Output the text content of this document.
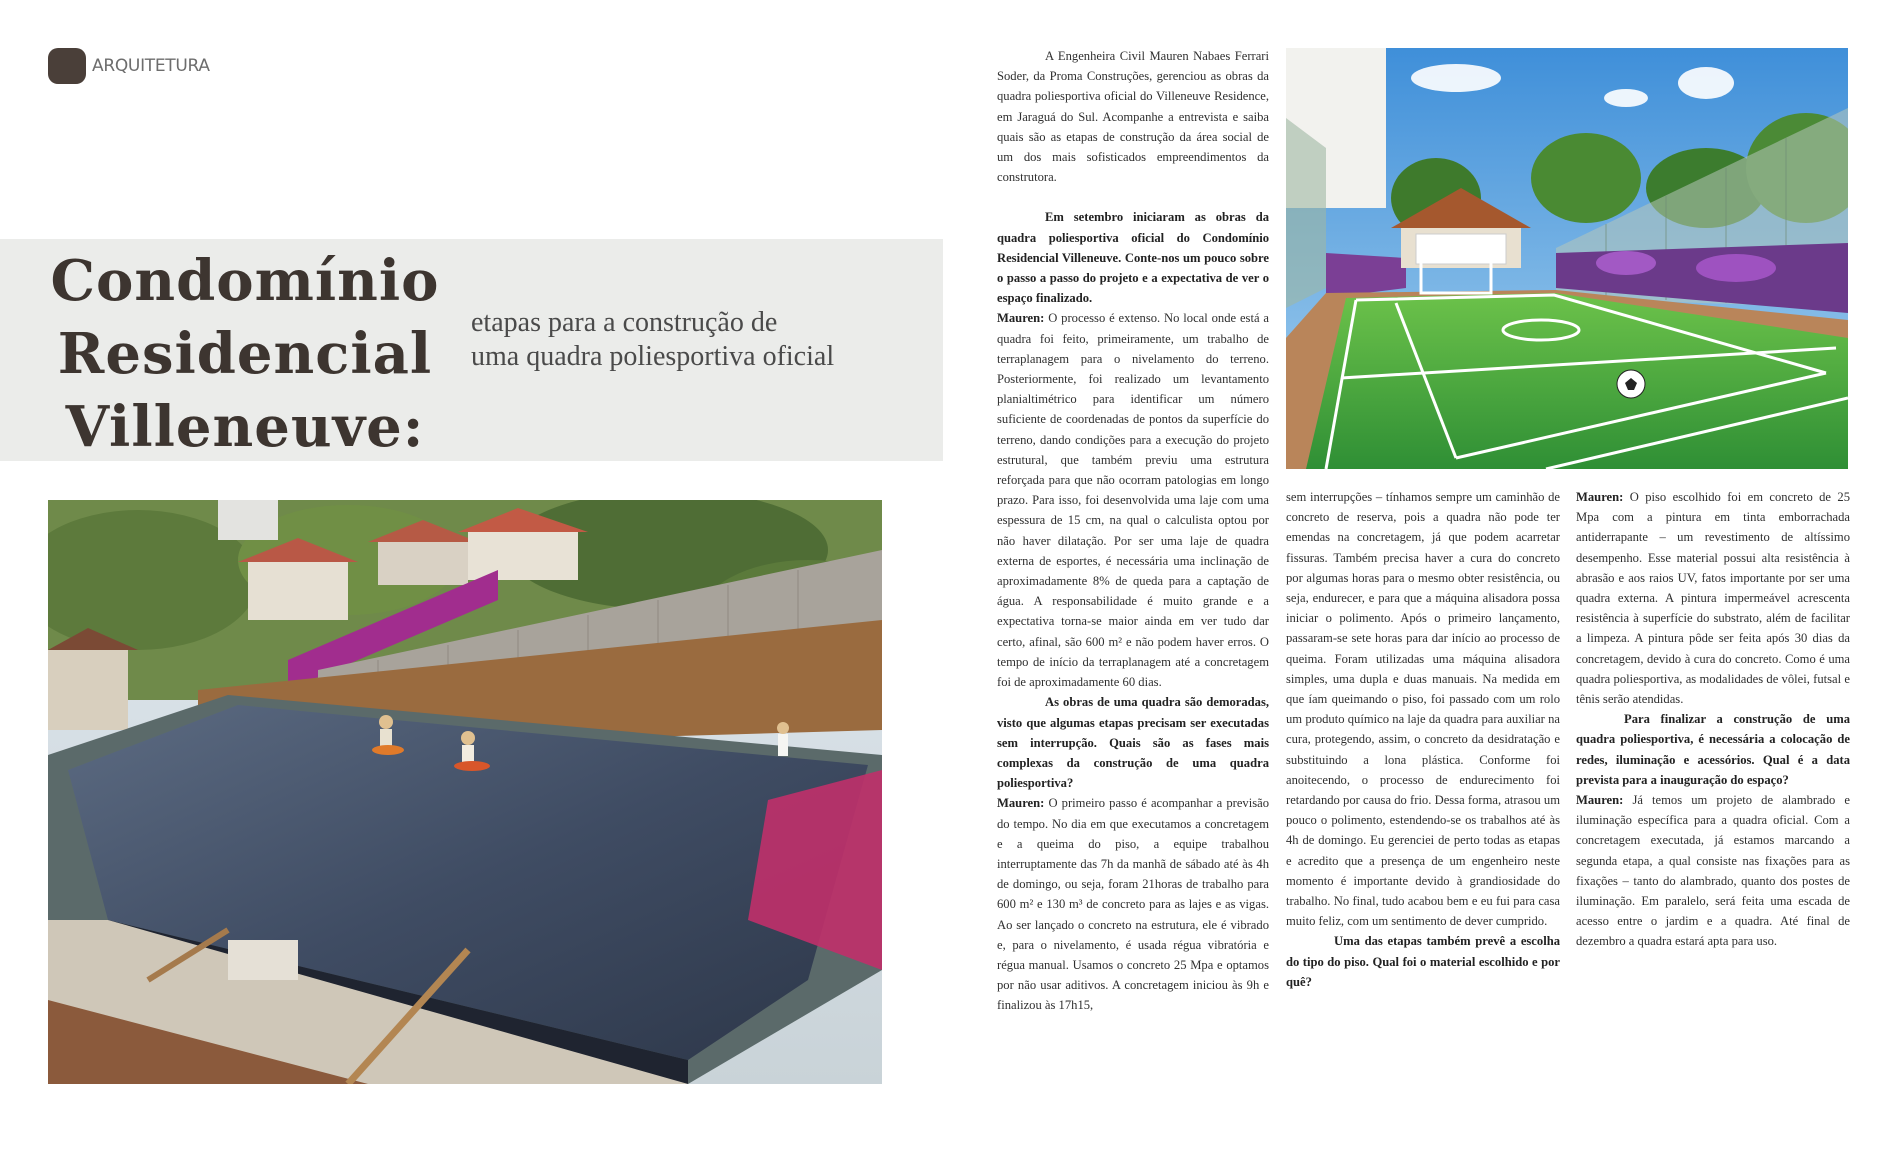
ARQUITETURA
Condomínio
Residencial
Villeneuve:
etapas para a construção de
uma quadra poliesportiva oficial

A Engenheira Civil Mauren Nabaes Ferrari Soder, da Proma Construções, gerenciou as obras da quadra poliesportiva oficial do Villeneuve Residence, em Jaraguá do Sul. Acompanhe a entrevista e saiba quais são as etapas de construção da área social de um dos mais sofisticados empreendimentos da construtora.

Em setembro iniciaram as obras da quadra poliesportiva oficial do Condomínio Residencial Villeneuve. Conte-nos um pouco sobre o passo a passo do projeto e a expectativa de ver o espaço finalizado.

Mauren: O processo é extenso. No local onde está a quadra foi feito, primeiramente, um trabalho de terraplanagem para o nivelamento do terreno. Posteriormente, foi realizado um levantamento planialtimétrico para identificar um número suficiente de coordenadas de pontos da superfície do terreno, dando condições para a execução do projeto estrutural, que também previu uma estrutura reforçada para que não ocorram patologias em longo prazo. Para isso, foi desenvolvida uma laje com uma espessura de 15 cm, na qual o calculista optou por não haver dilatação. Por ser uma laje de quadra externa de esportes, é necessária uma inclinação de aproximadamente 8% de queda para a captação de água. A responsabilidade é muito grande e a expectativa torna-se maior ainda em ver tudo dar certo, afinal, são 600 m² e não podem haver erros. O tempo de início da terraplanagem até a concretagem foi de aproximadamente 60 dias.

As obras de uma quadra são demoradas, visto que algumas etapas precisam ser executadas sem interrupção. Quais são as fases mais complexas da construção de uma quadra poliesportiva?

Mauren: O primeiro passo é acompanhar a previsão do tempo. No dia em que executamos a concretagem e a queima do piso, a equipe trabalhou interruptamente das 7h da manhã de sábado até às 4h de domingo, ou seja, foram 21horas de trabalho para 600 m² e 130 m³ de concreto para as lajes e as vigas. Ao ser lançado o concreto na estrutura, ele é vibrado e, para o nivelamento, é usada régua vibratória e régua manual. Usamos o concreto 25 Mpa e optamos por não usar aditivos. A concretagem iniciou às 9h e finalizou às 17h15,

sem interrupções – tínhamos sempre um caminhão de concreto de reserva, pois a quadra não pode ter emendas na concretagem, já que podem acarretar fissuras. Também precisa haver a cura do concreto por algumas horas para o mesmo obter resistência, ou seja, endurecer, e para que a máquina alisadora possa iniciar o polimento. Após o primeiro lançamento, passaram-se sete horas para dar início ao processo de queima. Foram utilizadas uma máquina alisadora simples, uma dupla e duas manuais. Na medida em que íam queimando o piso, foi passado com um rolo um produto químico na laje da quadra para auxiliar na cura, protegendo, assim, o concreto da desidratação e substituindo a lona plástica. Conforme foi anoitecendo, o processo de endurecimento foi retardando por causa do frio. Dessa forma, atrasou um pouco o polimento, estendendo-se os trabalhos até às 4h de domingo. Eu gerenciei de perto todas as etapas e acredito que a presença de um engenheiro neste momento é importante devido à grandiosidade do trabalho. No final, tudo acabou bem e eu fui para casa muito feliz, com um sentimento de dever cumprido.

Uma das etapas também prevê a escolha do tipo do piso. Qual foi o material escolhido e por quê?

Mauren: O piso escolhido foi em concreto de 25 Mpa com a pintura em tinta emborrachada antiderrapante – um revestimento de altíssimo desempenho. Esse material possui alta resistência à abrasão e aos raios UV, fatos importante por ser uma quadra externa. A pintura impermeável acrescenta resistência à superfície do substrato, além de facilitar a limpeza. A pintura pôde ser feita após 30 dias da concretagem, devido à cura do concreto. Como é uma quadra poliesportiva, as modalidades de vôlei, futsal e tênis serão atendidas.

Para finalizar a construção de uma quadra poliesportiva, é necessária a colocação de redes, iluminação e acessórios. Qual é a data prevista para a inauguração do espaço?

Mauren: Já temos um projeto de alambrado e iluminação específica para a quadra oficial. Com a concretagem executada, já estamos marcando a segunda etapa, a qual consiste nas fixações para as fixações – tanto do alambrado, quanto dos postes de iluminação. Em paralelo, será feita uma escada de acesso entre o jardim e a quadra. Até final de dezembro a quadra estará apta para uso.
